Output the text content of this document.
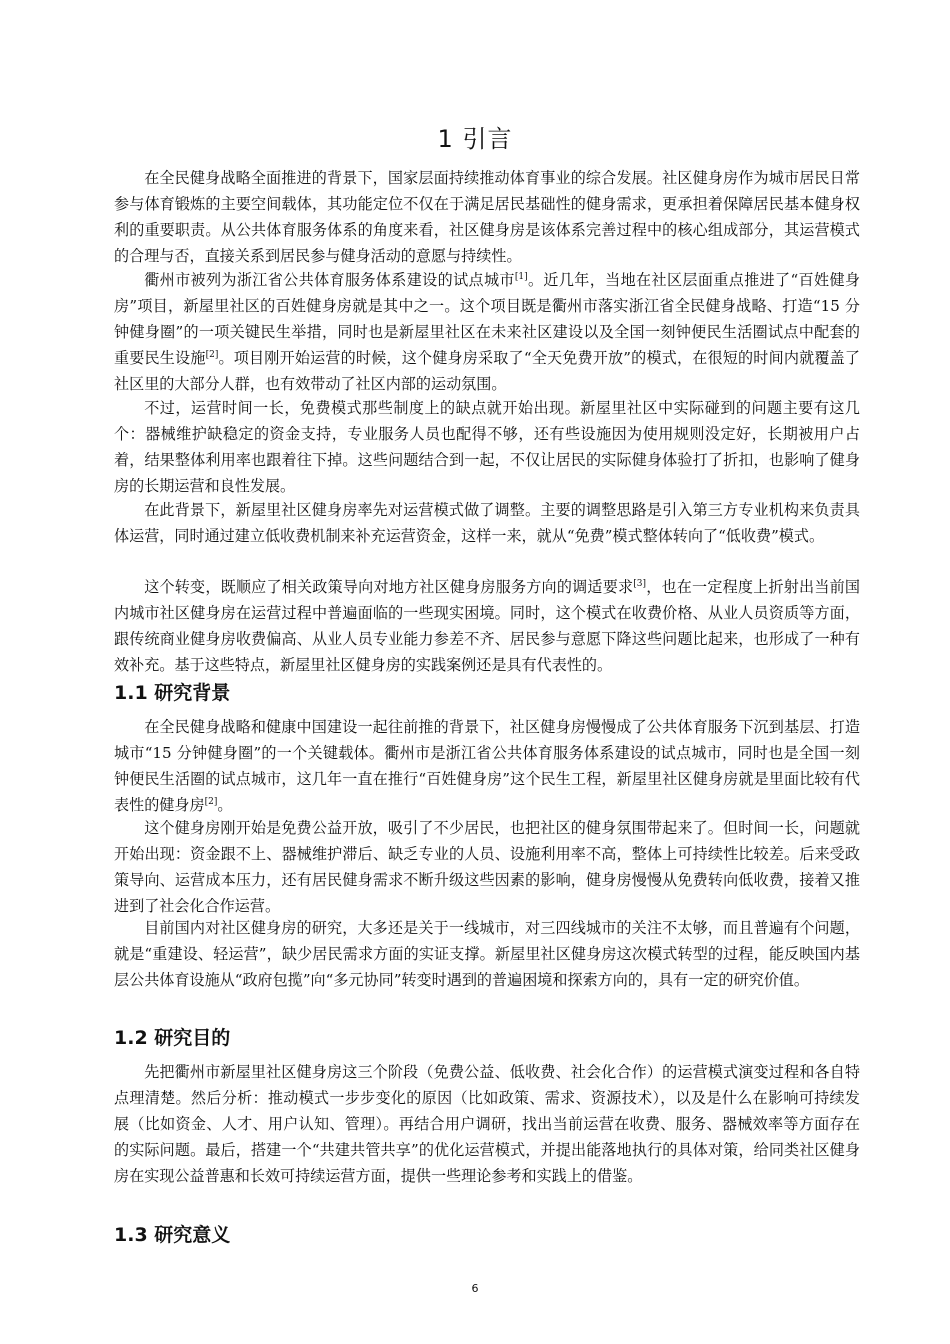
1 引言

在全民健身战略全面推进的背景下，国家层面持续推动体育事业的综合发展。社区健身房作为城市居民日常参与体育锻炼的主要空间载体，其功能定位不仅在于满足居民基础性的健身需求，更承担着保障居民基本健身权利的重要职责。从公共体育服务体系的角度来看，社区健身房是该体系完善过程中的核心组成部分，其运营模式的合理与否，直接关系到居民参与健身活动的意愿与持续性。

衢州市被列为浙江省公共体育服务体系建设的试点城市[1]。近几年，当地在社区层面重点推进了“百姓健身房”项目，新屋里社区的百姓健身房就是其中之一。这个项目既是衢州市落实浙江省全民健身战略、打造“15 分钟健身圈”的一项关键民生举措，同时也是新屋里社区在未来社区建设以及全国一刻钟便民生活圈试点中配套的重要民生设施[2]。项目刚开始运营的时候，这个健身房采取了“全天免费开放”的模式，在很短的时间内就覆盖了社区里的大部分人群，也有效带动了社区内部的运动氛围。

不过，运营时间一长，免费模式那些制度上的缺点就开始出现。新屋里社区中实际碰到的问题主要有这几个：器械维护缺稳定的资金支持，专业服务人员也配得不够，还有些设施因为使用规则没定好，长期被用户占着，结果整体利用率也跟着往下掉。这些问题结合到一起，不仅让居民的实际健身体验打了折扣，也影响了健身房的长期运营和良性发展。

在此背景下，新屋里社区健身房率先对运营模式做了调整。主要的调整思路是引入第三方专业机构来负责具体运营，同时通过建立低收费机制来补充运营资金，这样一来，就从“免费”模式整体转向了“低收费”模式。

这个转变，既顺应了相关政策导向对地方社区健身房服务方向的调适要求[3]，也在一定程度上折射出当前国内城市社区健身房在运营过程中普遍面临的一些现实困境。同时，这个模式在收费价格、从业人员资质等方面，跟传统商业健身房收费偏高、从业人员专业能力参差不齐、居民参与意愿下降这些问题比起来，也形成了一种有效补充。基于这些特点，新屋里社区健身房的实践案例还是具有代表性的。

1.1 研究背景

在全民健身战略和健康中国建设一起往前推的背景下，社区健身房慢慢成了公共体育服务下沉到基层、打造城市“15 分钟健身圈”的一个关键载体。衢州市是浙江省公共体育服务体系建设的试点城市，同时也是全国一刻钟便民生活圈的试点城市，这几年一直在推行“百姓健身房”这个民生工程，新屋里社区健身房就是里面比较有代表性的健身房[2]。

这个健身房刚开始是免费公益开放，吸引了不少居民，也把社区的健身氛围带起来了。但时间一长，问题就开始出现：资金跟不上、器械维护滞后、缺乏专业的人员、设施利用率不高，整体上可持续性比较差。后来受政策导向、运营成本压力，还有居民健身需求不断升级这些因素的影响，健身房慢慢从免费转向低收费，接着又推进到了社会化合作运营。

目前国内对社区健身房的研究，大多还是关于一线城市，对三四线城市的关注不太够，而且普遍有个问题，就是“重建设、轻运营”，缺少居民需求方面的实证支撑。新屋里社区健身房这次模式转型的过程，能反映国内基层公共体育设施从“政府包揽”向“多元协同”转变时遇到的普遍困境和探索方向的，具有一定的研究价值。

1.2 研究目的

先把衢州市新屋里社区健身房这三个阶段（免费公益、低收费、社会化合作）的运营模式演变过程和各自特点理清楚。然后分析：推动模式一步步变化的原因（比如政策、需求、资源技术），以及是什么在影响可持续发展（比如资金、人才、用户认知、管理）。再结合用户调研，找出当前运营在收费、服务、器械效率等方面存在的实际问题。最后，搭建一个“共建共管共享”的优化运营模式，并提出能落地执行的具体对策，给同类社区健身房在实现公益普惠和长效可持续运营方面，提供一些理论参考和实践上的借鉴。

1.3 研究意义
6
